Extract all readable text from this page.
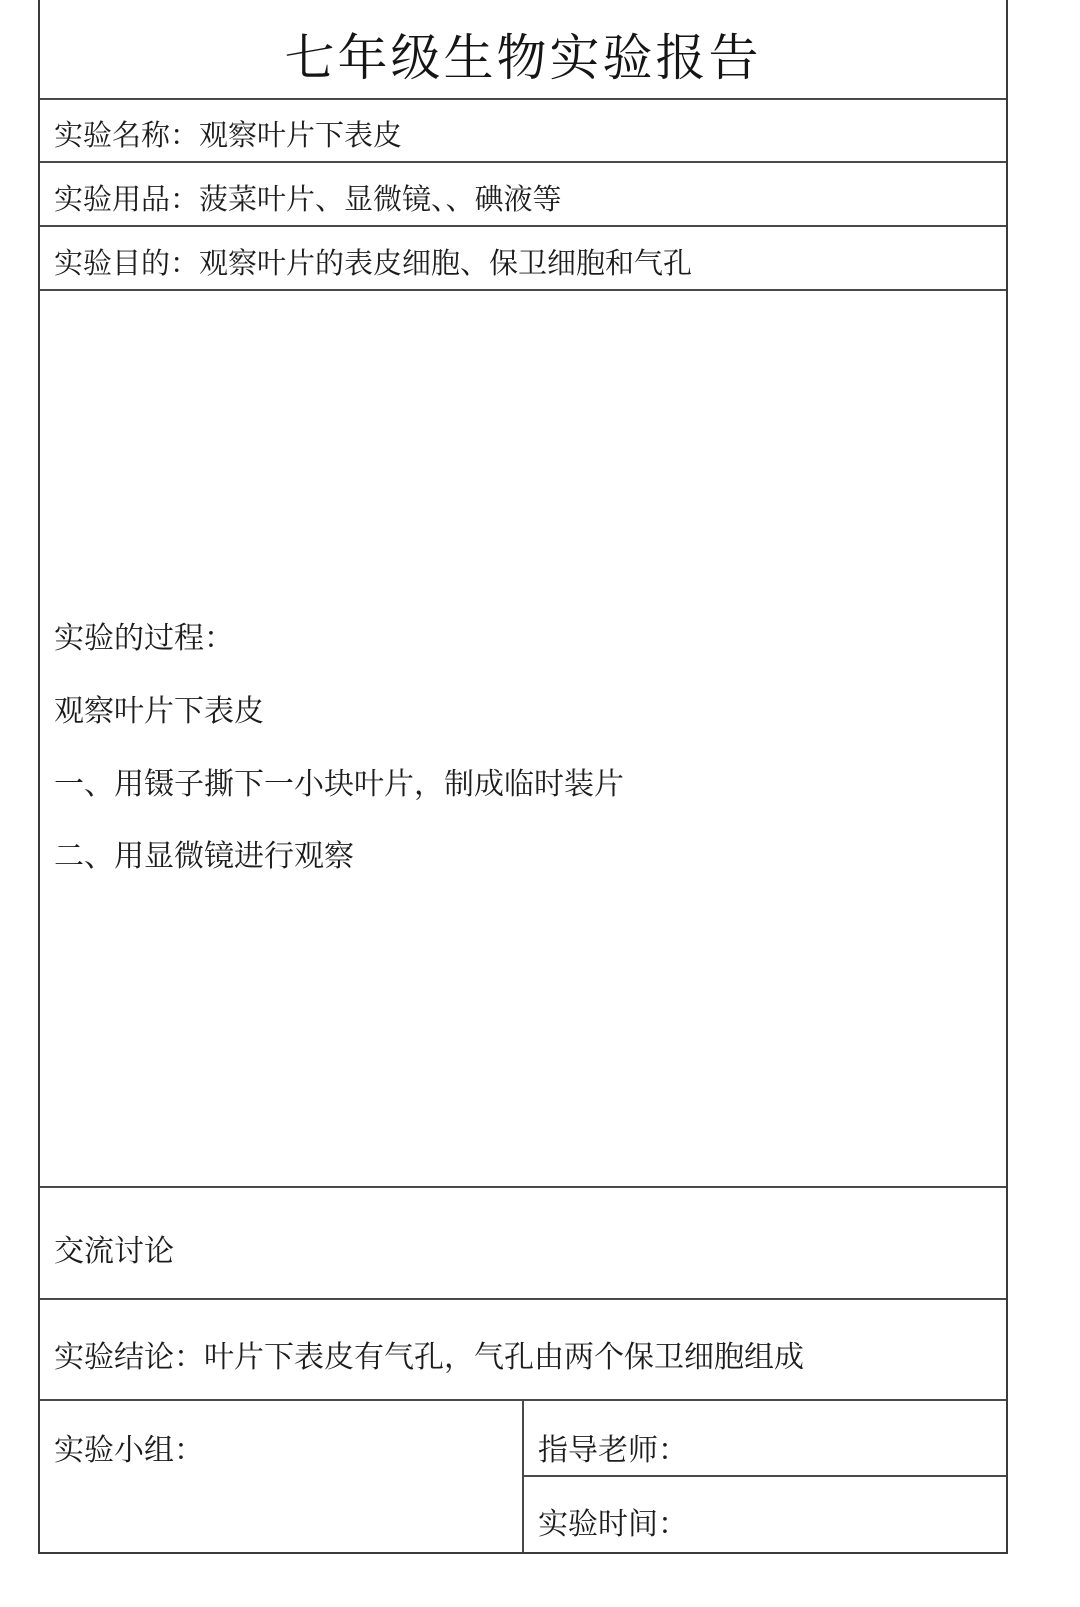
七年级生物实验报告
实验名称：观察叶片下表皮
实验用品：菠菜叶片、显微镜、、碘液等
实验目的：观察叶片的表皮细胞、保卫细胞和气孔
实验的过程：
观察叶片下表皮
一、用镊子撕下一小块叶片，制成临时装片
二、用显微镜进行观察
交流讨论
实验结论：叶片下表皮有气孔，气孔由两个保卫细胞组成
实验小组：	指导老师：
实验时间：
